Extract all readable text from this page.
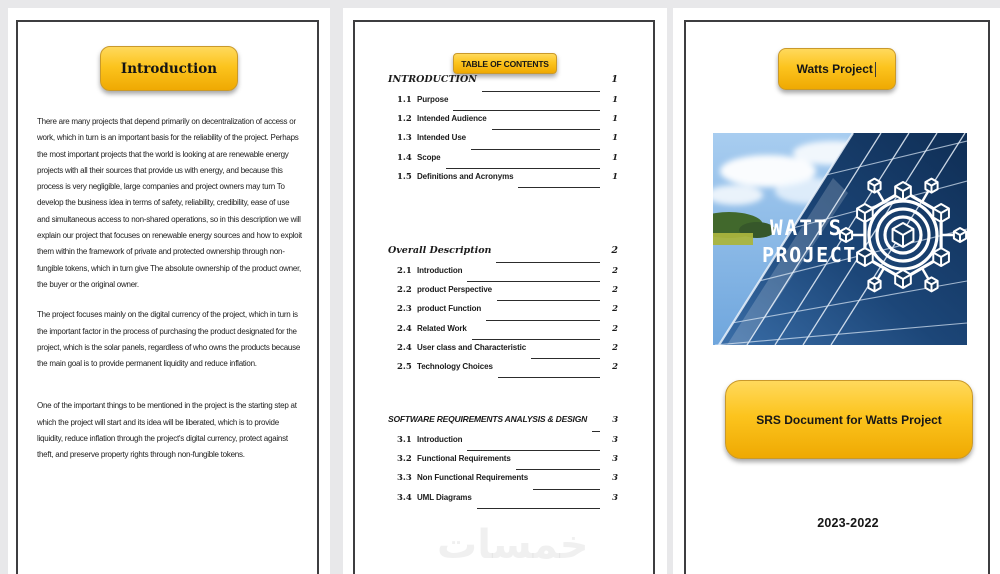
Introduction

There are many projects that depend primarily on decentralization of access or work, which in turn is an important basis for the reliability of the project. Perhaps the most important projects that the world is looking at are renewable energy projects with all their sources that provide us with energy, and because this process is very negligible, large companies and project owners may turn To develop the business idea in terms of safety, reliability, credibility, ease of use and simultaneous access to non-shared operations, so in this description we will explain our project that focuses on renewable energy sources and how to exploit them within the framework of private and protected ownership through non-fungible tokens, which in turn give The absolute ownership of the product owner, the buyer or the original owner.

The project focuses mainly on the digital currency of the project, which in turn is the important factor in the process of purchasing the product designated for the project, which is the solar panels, regardless of who owns the products because the main goal is to provide permanent liquidity and reduce inflation.

One of the important things to be mentioned in the project is the starting step at which the project will start and its idea will be liberated, which is to provide liquidity, reduce inflation through the project's digital currency, protect against theft, and preserve property rights through non-fungible tokens.

TABLE OF CONTENTS
INTRODUCTION	1
1.1 Purpose	1
1.2 Intended Audience	1
1.3 Intended Use	1
1.4 Scope	1
1.5 Definitions and Acronyms	1
Overall Description	2
2.1 Introduction	2
2.2 product Perspective	2
2.3 product Function	2
2.4 Related Work	2
2.4 User class and Characteristic	2
2.5 Technology Choices	2
SOFTWARE REQUIREMENTS ANALYSIS & DESIGN	3
3.1 Introduction	3
3.2 Functional Requirements	3
3.3 Non Functional Requirements	3
3.4 UML Diagrams	3
Watts Project
WATTS
PROJECT
SRS Document for Watts Project
2023-2022
خمسات
